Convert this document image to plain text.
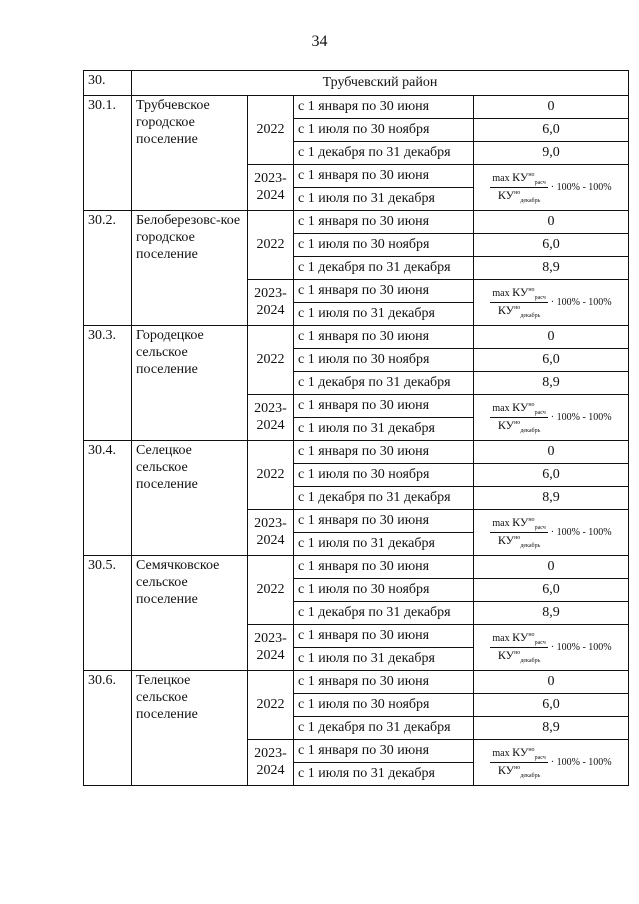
34
30.	Трубчевский район			
30.1.	Трубчевское городское поселение	2022	с 1 января по 30 июня	0
			с 1 июля по 30 ноября	6,0
			с 1 декабря по 31 декабря	9,0
		2023-2024	с 1 января по 30 июня	$\frac{\max КУ^{но}_{расч}}{КУ^{но}_{декабрь}} \cdot 100\% - 100\%$

			с 1 июля по 31 декабря	
30.2.	Белоберезовс-кое городское поселение	2022	с 1 января по 30 июня	0
			с 1 июля по 30 ноября	6,0
			с 1 декабря по 31 декабря	8,9
		2023-2024	с 1 января по 30 июня	$\frac{\max КУ^{но}_{расч}}{КУ^{но}_{декабрь}} \cdot 100\% - 100\%$

			с 1 июля по 31 декабря	
30.3.	Городецкое сельское поселение	2022	с 1 января по 30 июня	0
			с 1 июля по 30 ноября	6,0
			с 1 декабря по 31 декабря	8,9
		2023-2024	с 1 января по 30 июня	$\frac{\max КУ^{но}_{расч}}{КУ^{но}_{декабрь}} \cdot 100\% - 100\%$

			с 1 июля по 31 декабря	
30.4.	Селецкое сельское поселение	2022	с 1 января по 30 июня	0
			с 1 июля по 30 ноября	6,0
			с 1 декабря по 31 декабря	8,9
		2023-2024	с 1 января по 30 июня	$\frac{\max КУ^{но}_{расч}}{КУ^{но}_{декабрь}} \cdot 100\% - 100\%$

			с 1 июля по 31 декабря	
30.5.	Семячковское сельское поселение	2022	с 1 января по 30 июня	0
			с 1 июля по 30 ноября	6,0
			с 1 декабря по 31 декабря	8,9
		2023-2024	с 1 января по 30 июня	$\frac{\max КУ^{но}_{расч}}{КУ^{но}_{декабрь}} \cdot 100\% - 100\%$

			с 1 июля по 31 декабря	
30.6.	Телецкое сельское поселение	2022	с 1 января по 30 июня	0
			с 1 июля по 30 ноября	6,0
			с 1 декабря по 31 декабря	8,9
		2023-2024	с 1 января по 30 июня	$\frac{\max КУ^{но}_{расч}}{КУ^{но}_{декабрь}} \cdot 100\% - 100\%$

			с 1 июля по 31 декабря	
